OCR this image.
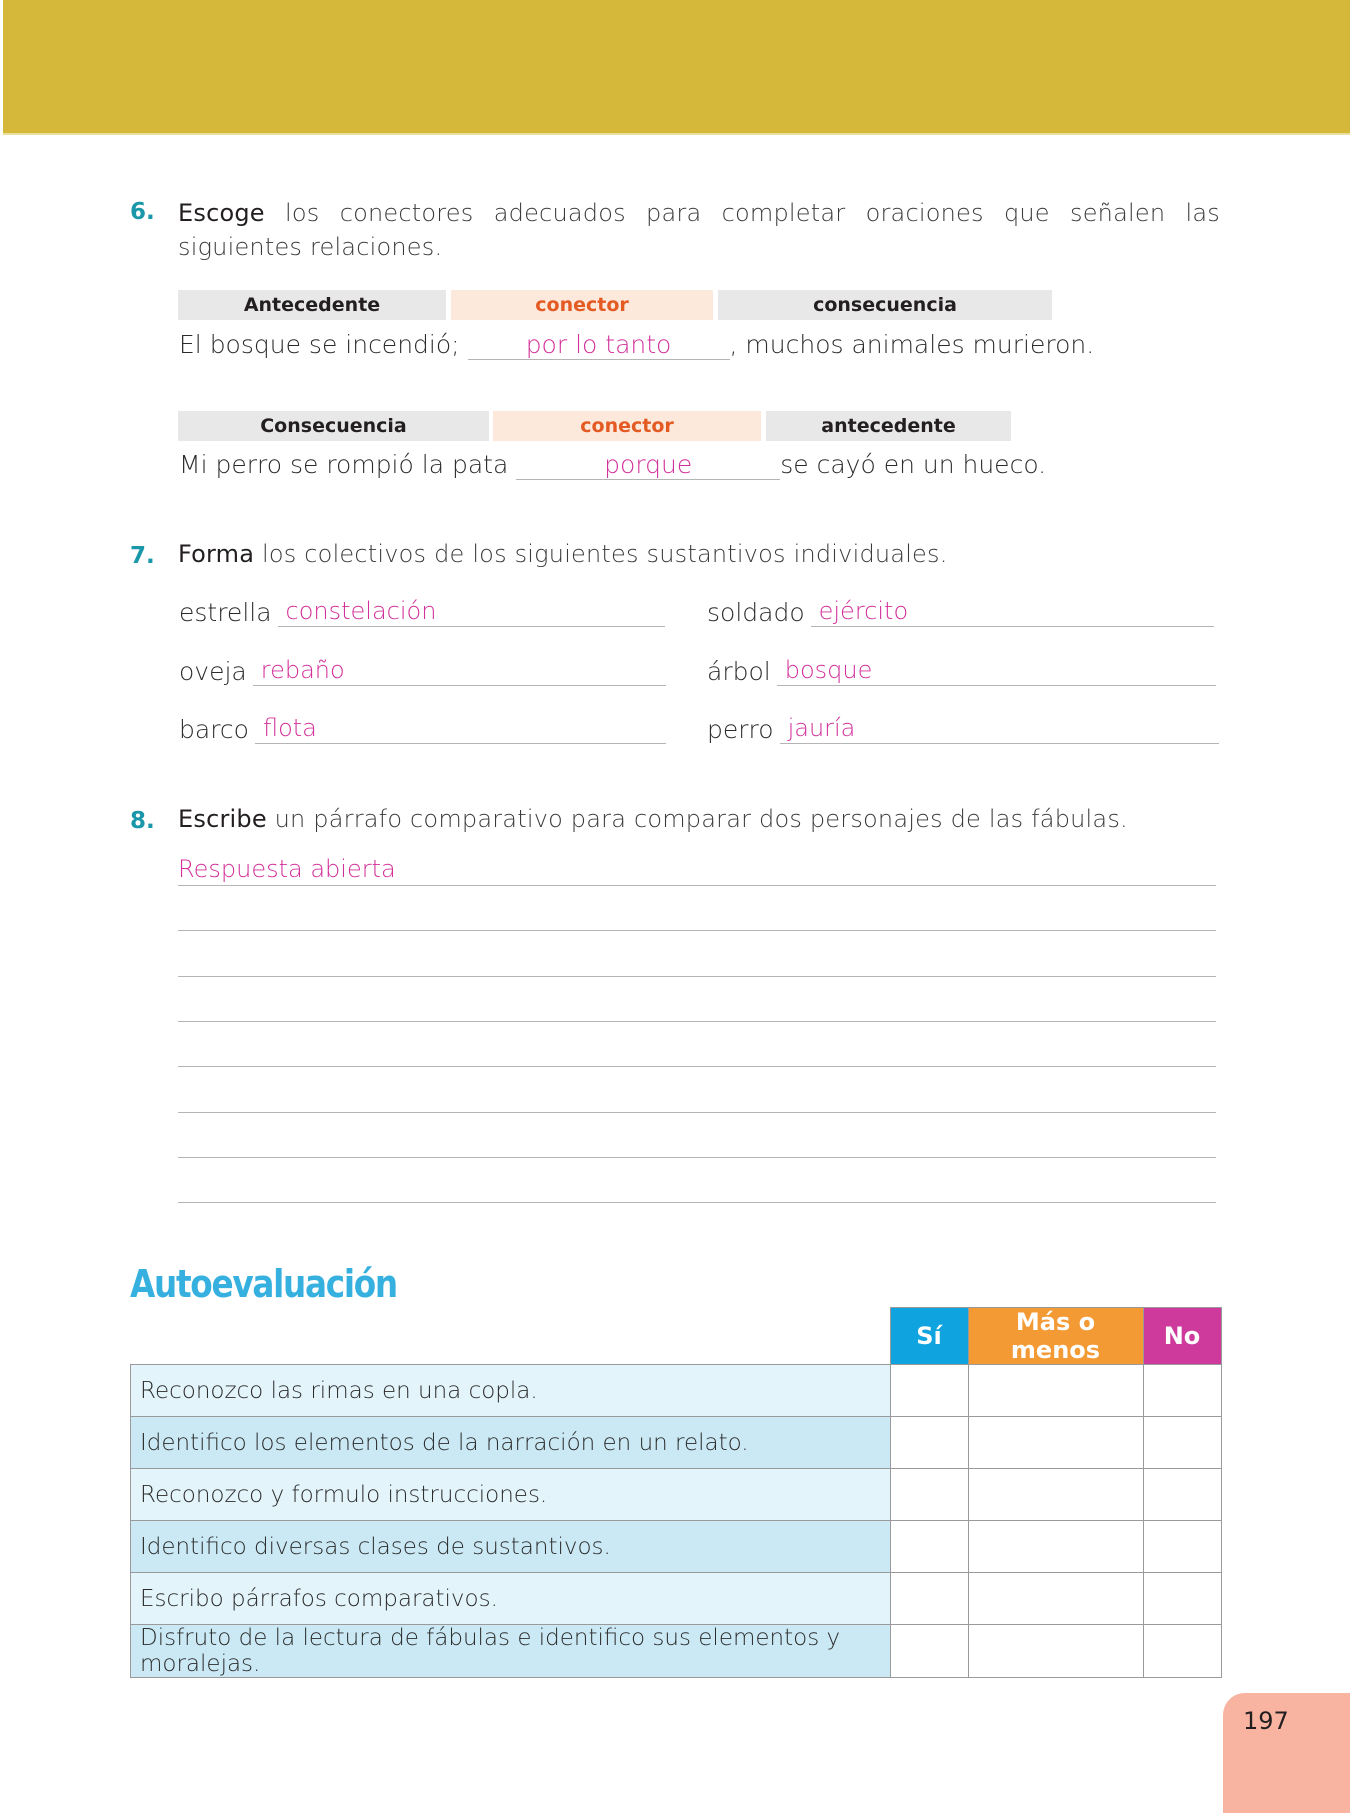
6. Escoge los conectores adecuados para completar oraciones que señalen las siguientes relaciones.
Antecedente	conector	consecuencia
El bosque se incendió; por lo tanto , muchos animales murieron.
Consecuencia	conector	antecedente
Mi perro se rompió la pata	porque	se cayó en un hueco.
7. Forma los colectivos de los siguientes sustantivos individuales.
estrella constelación	soldado ejército
oveja rebaño	árbol bosque
barco flota	perro jauría
8. Escribe un párrafo comparativo para comparar dos personajes de las fábulas.
Respuesta abierta
Autoevaluación
	Sí	Más o menos	No
Reconozco las rimas en una copla.			
Identifico los elementos de la narración en un relato.			
Reconozco y formulo instrucciones.			
Identifico diversas clases de sustantivos.			
Escribo párrafos comparativos.			
Disfruto de la lectura de fábulas e identifico sus elementos y moralejas.			
197
